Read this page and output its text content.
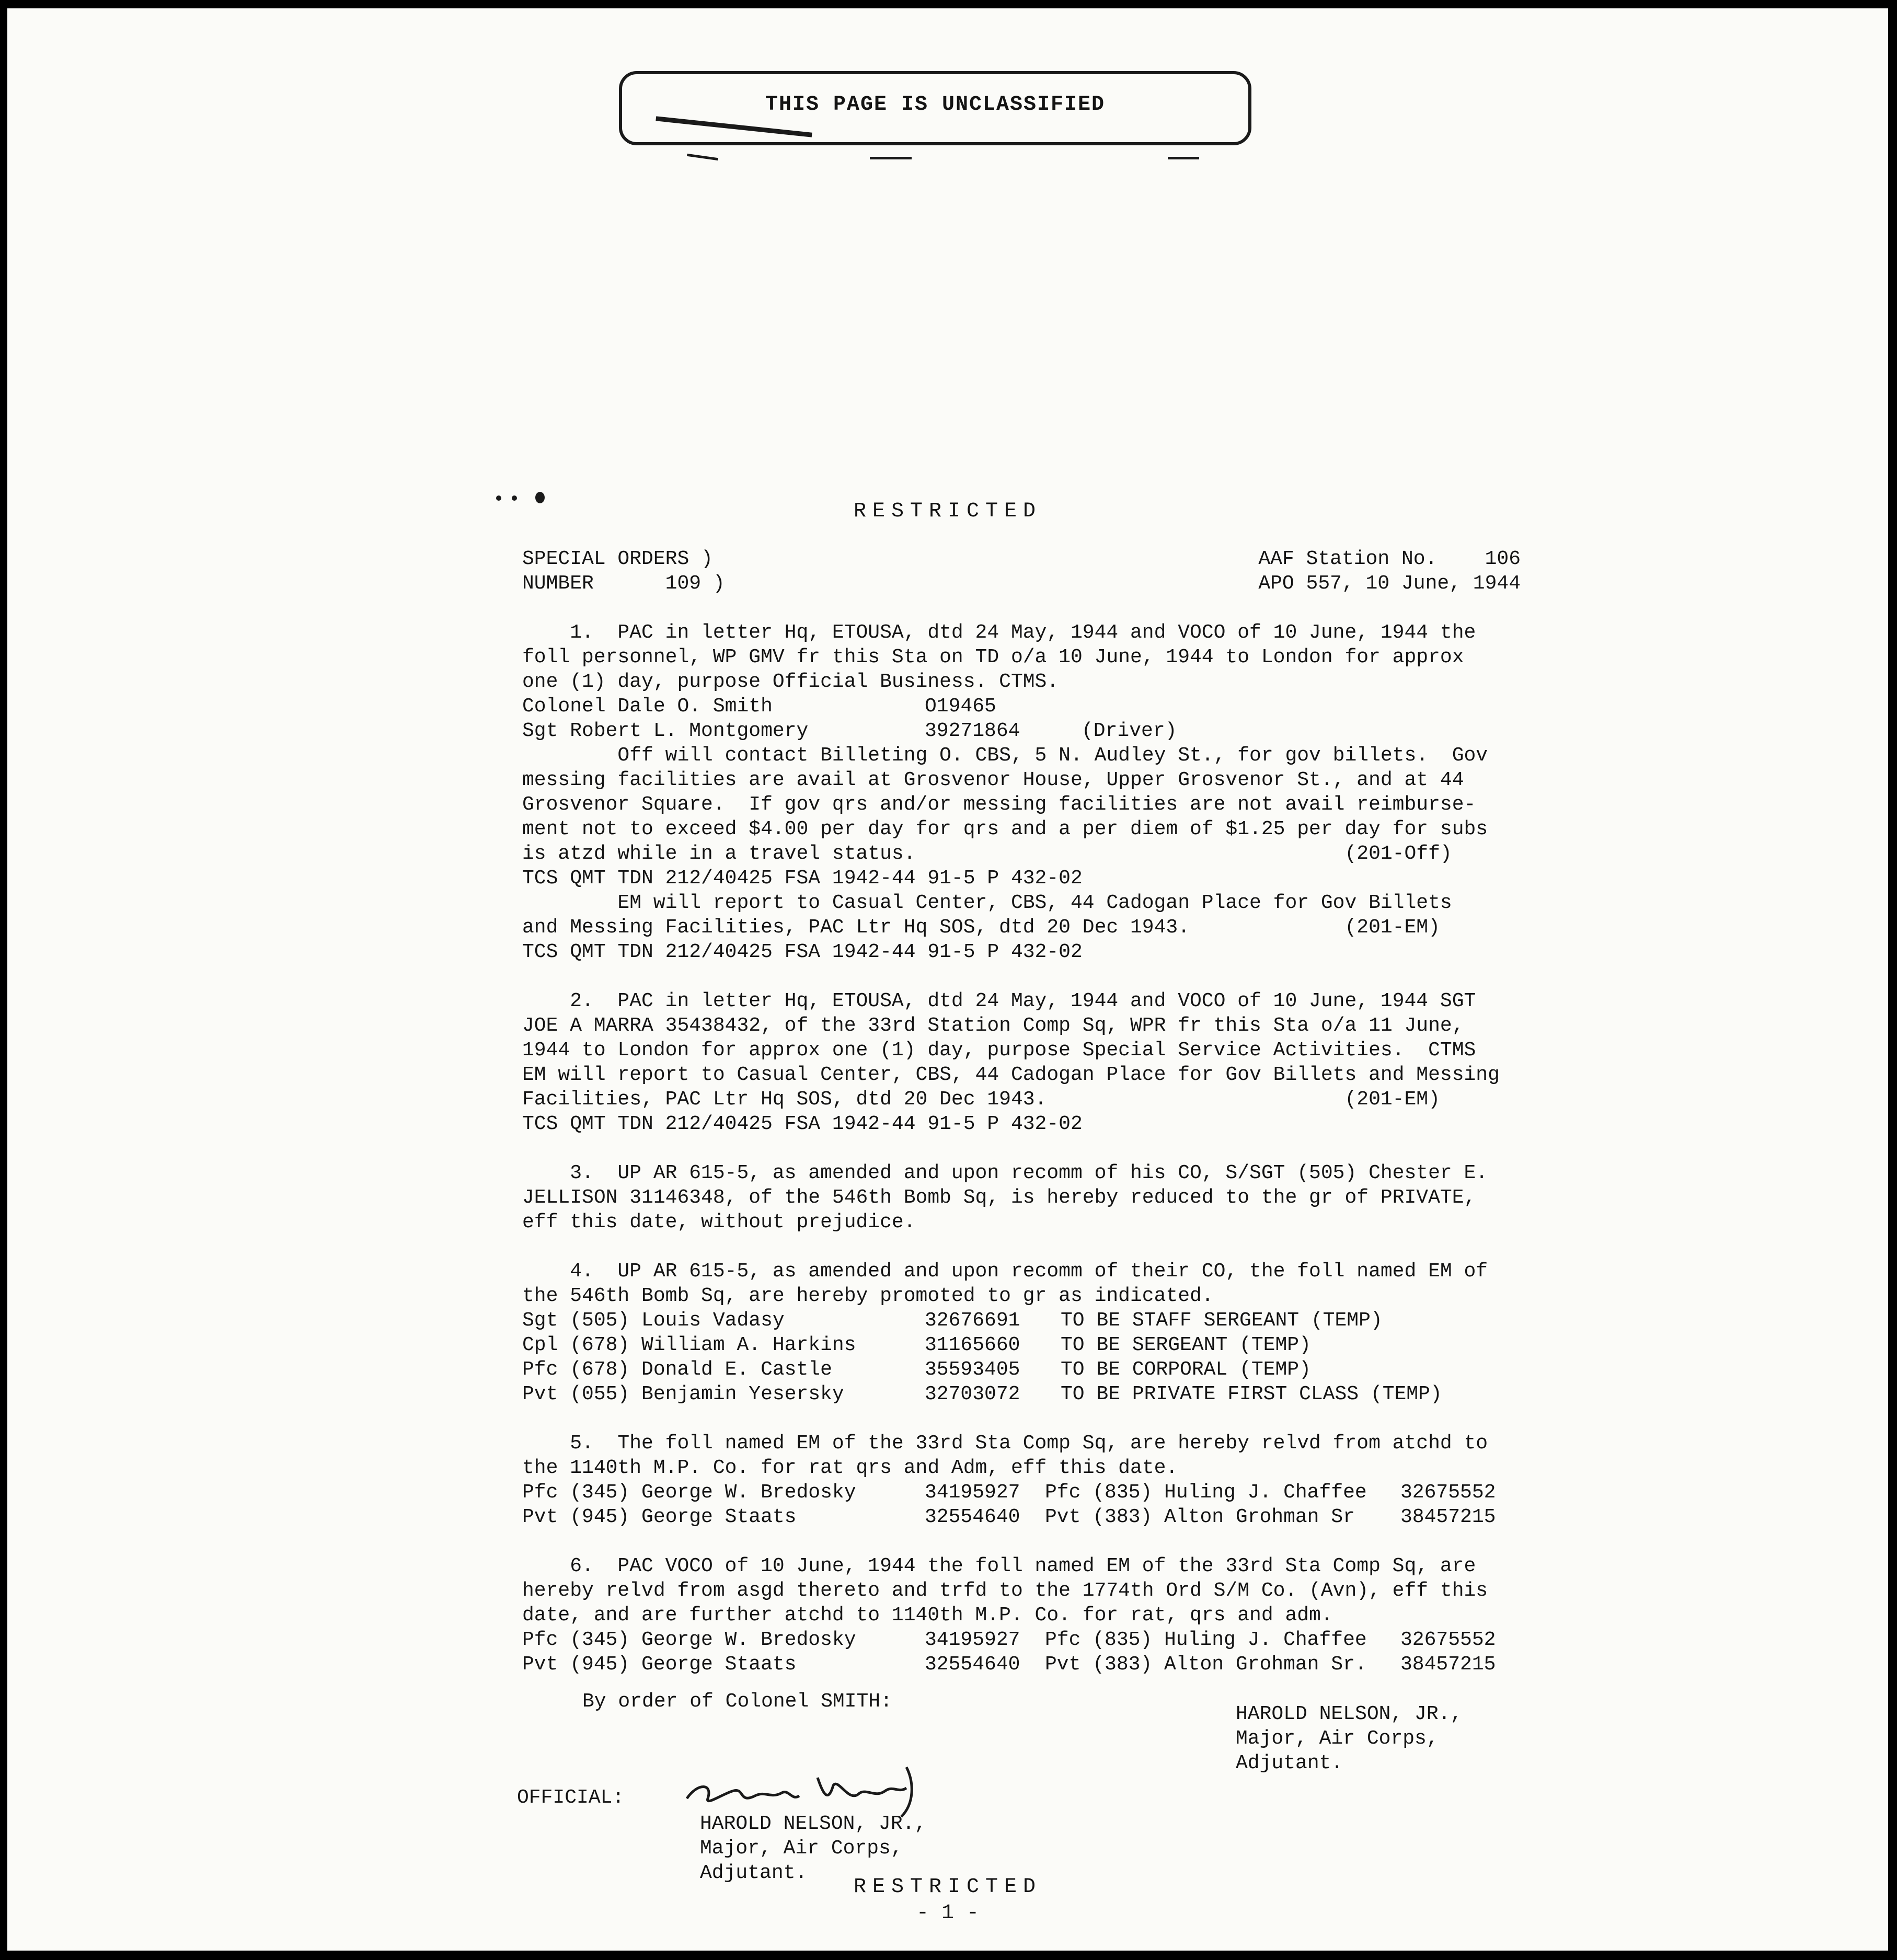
THIS PAGE IS UNCLASSIFIED
RESTRICTED
SPECIAL ORDERS )	AAF Station No.    106
NUMBER      109 )	APO 557, 10 June, 1944
1.  PAC in letter Hq, ETOUSA, dtd 24 May, 1944 and VOCO of 10 June, 1944 the
foll personnel, WP GMV fr this Sta on TD o/a 10 June, 1944 to London for approx
one (1) day, purpose Official Business. CTMS.
Colonel Dale O. Smith	O19465	
Sgt Robert L. Montgomery	39271864	(Driver)
Off will contact Billeting O. CBS, 5 N. Audley St., for gov billets.  Gov
messing facilities are avail at Grosvenor House, Upper Grosvenor St., and at 44
Grosvenor Square.  If gov qrs and/or messing facilities are not avail reimburse-
ment not to exceed $4.00 per day for qrs and a per diem of $1.25 per day for subs
is atzd while in a travel status.                                    (201-Off)
TCS QMT TDN 212/40425 FSA 1942-44 91-5 P 432-02
EM will report to Casual Center, CBS, 44 Cadogan Place for Gov Billets
and Messing Facilities, PAC Ltr Hq SOS, dtd 20 Dec 1943.             (201-EM)
TCS QMT TDN 212/40425 FSA 1942-44 91-5 P 432-02
2.  PAC in letter Hq, ETOUSA, dtd 24 May, 1944 and VOCO of 10 June, 1944 SGT
JOE A MARRA 35438432, of the 33rd Station Comp Sq, WPR fr this Sta o/a 11 June,
1944 to London for approx one (1) day, purpose Special Service Activities.  CTMS
EM will report to Casual Center, CBS, 44 Cadogan Place for Gov Billets and Messing
Facilities, PAC Ltr Hq SOS, dtd 20 Dec 1943.                         (201-EM)
TCS QMT TDN 212/40425 FSA 1942-44 91-5 P 432-02
3.  UP AR 615-5, as amended and upon recomm of his CO, S/SGT (505) Chester E.
JELLISON 31146348, of the 546th Bomb Sq, is hereby reduced to the gr of PRIVATE,
eff this date, without prejudice.
4.  UP AR 615-5, as amended and upon recomm of their CO, the foll named EM of
the 546th Bomb Sq, are hereby promoted to gr as indicated.
Sgt (505) Louis Vadasy	32676691	TO BE STAFF SERGEANT (TEMP)
Cpl (678) William A. Harkins	31165660	TO BE SERGEANT (TEMP)
Pfc (678) Donald E. Castle	35593405	TO BE CORPORAL (TEMP)
Pvt (055) Benjamin Yesersky	32703072	TO BE PRIVATE FIRST CLASS (TEMP)
5.  The foll named EM of the 33rd Sta Comp Sq, are hereby relvd from atchd to
the 1140th M.P. Co. for rat qrs and Adm, eff this date.
Pfc (345) George W. Bredosky	34195927	Pfc (835) Huling J. Chaffee	32675552
Pvt (945) George Staats	32554640	Pvt (383) Alton Grohman Sr	38457215
6.  PAC VOCO of 10 June, 1944 the foll named EM of the 33rd Sta Comp Sq, are
hereby relvd from asgd thereto and trfd to the 1774th Ord S/M Co. (Avn), eff this
date, and are further atchd to 1140th M.P. Co. for rat, qrs and adm.
Pfc (345) George W. Bredosky	34195927	Pfc (835) Huling J. Chaffee	32675552
Pvt (945) George Staats	32554640	Pvt (383) Alton Grohman Sr.	38457215
By order of Colonel SMITH:
HAROLD NELSON, JR.,
Major, Air Corps,
Adjutant.

OFFICIAL:

HAROLD NELSON, JR.,
Major, Air Corps,
Adjutant.

RESTRICTED
- 1 -
